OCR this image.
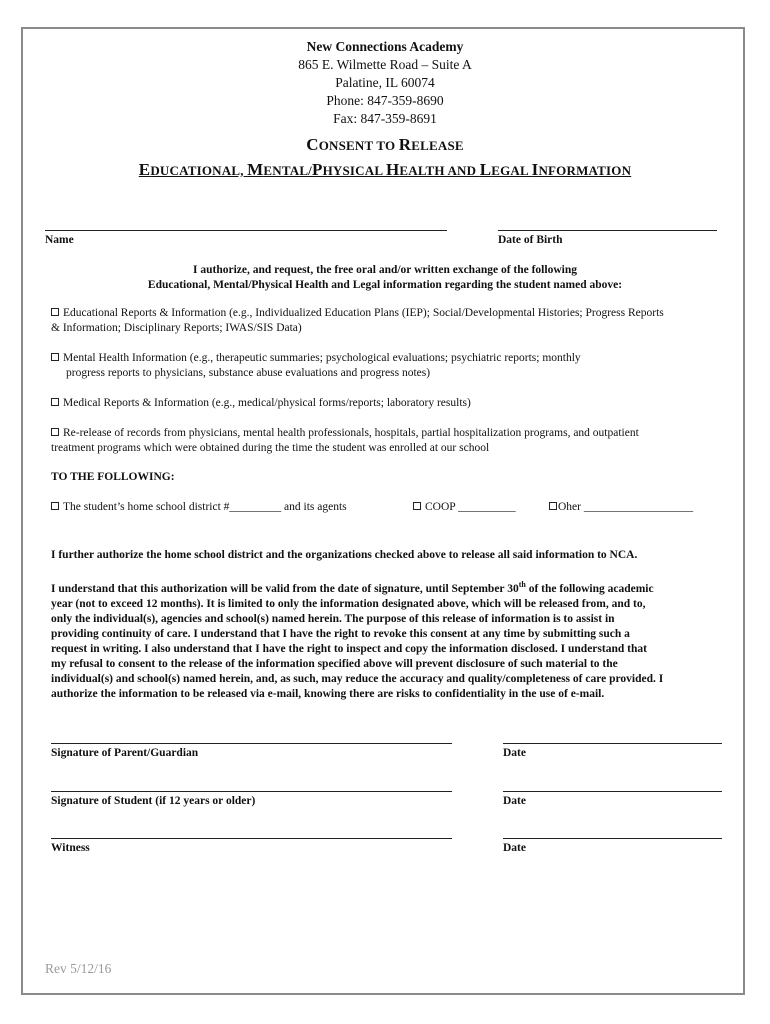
New Connections Academy
865 E. Wilmette Road – Suite A
Palatine, IL 60074
Phone: 847-359-8690
Fax: 847-359-8691
CONSENT TO RELEASE
EDUCATIONAL, MENTAL/PHYSICAL HEALTH AND LEGAL INFORMATION
Name	Date of Birth
I authorize, and request, the free oral and/or written exchange of the following
Educational, Mental/Physical Health and Legal information regarding the student named above:
Educational Reports & Information (e.g., Individualized Education Plans (IEP); Social/Developmental Histories; Progress Reports
& Information; Disciplinary Reports; IWAS/SIS Data)
Mental Health Information (e.g., therapeutic summaries; psychological evaluations; psychiatric reports; monthly
progress reports to physicians, substance abuse evaluations and progress notes)
Medical Reports & Information (e.g., medical/physical forms/reports; laboratory results)
Re-release of records from physicians, mental health professionals, hospitals, partial hospitalization programs, and outpatient
treatment programs which were obtained during the time the student was enrolled at our school
TO THE FOLLOWING:
The student’s home school district #_________ and its agents	COOP __________	Oher ___________________
I further authorize the home school district and the organizations checked above to release all said information to NCA.
I understand that this authorization will be valid from the date of signature, until September 30th of the following academic
year (not to exceed 12 months). It is limited to only the information designated above, which will be released from, and to,
only the individual(s), agencies and school(s) named herein. The purpose of this release of information is to assist in
providing continuity of care. I understand that I have the right to revoke this consent at any time by submitting such a
request in writing. I also understand that I have the right to inspect and copy the information disclosed. I understand that
my refusal to consent to the release of the information specified above will prevent disclosure of such material to the
individual(s) and school(s) named herein, and, as such, may reduce the accuracy and quality/completeness of care provided. I
authorize the information to be released via e-mail, knowing there are risks to confidentiality in the use of e-mail.
Signature of Parent/Guardian	Date
Signature of Student (if 12 years or older)	Date
Witness	Date
Rev 5/12/16
